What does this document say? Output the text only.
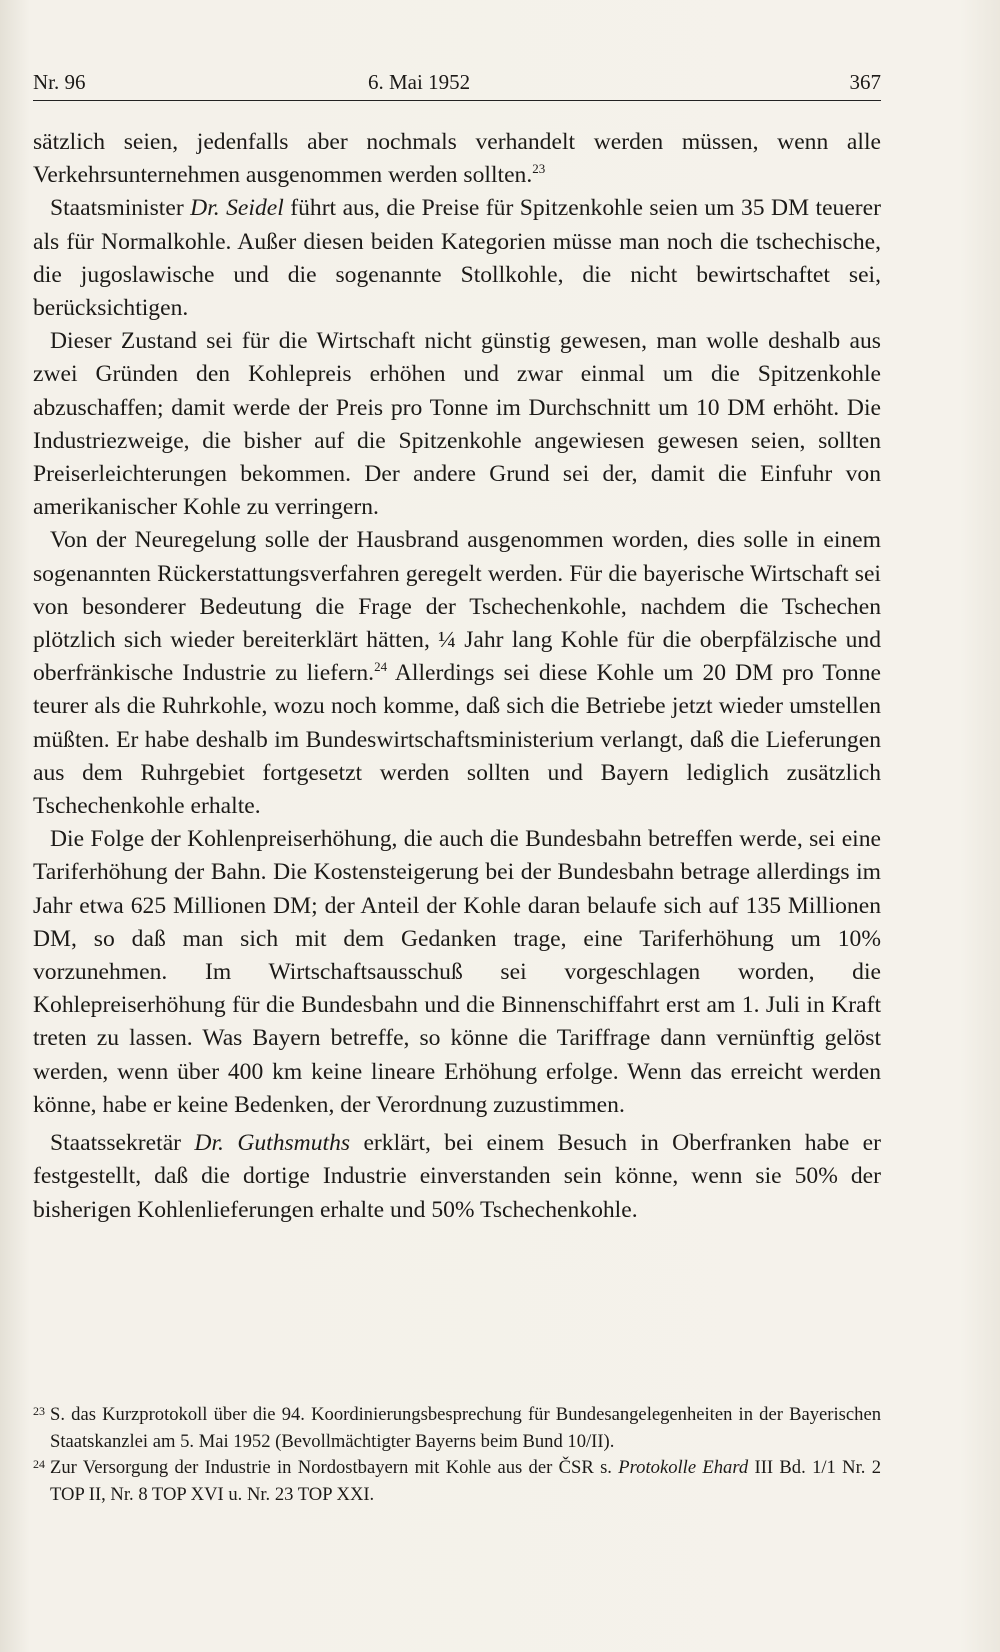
Nr. 96	6. Mai 1952	367

sätzlich seien, jedenfalls aber nochmals verhandelt werden müssen, wenn alle Verkehrsunternehmen ausgenommen werden sollten.$^{23}$

Staatsminister Dr. Seidel führt aus, die Preise für Spitzenkohle seien um 35 DM teuerer als für Normalkohle. Außer diesen beiden Kategorien müsse man noch die tschechische, die jugoslawische und die sogenannte Stollkohle, die nicht bewirtschaftet sei, berücksichtigen.

Dieser Zustand sei für die Wirtschaft nicht günstig gewesen, man wolle deshalb aus zwei Gründen den Kohlepreis erhöhen und zwar einmal um die Spitzenkohle abzuschaffen; damit werde der Preis pro Tonne im Durchschnitt um 10 DM erhöht. Die Industriezweige, die bisher auf die Spitzenkohle angewiesen gewesen seien, sollten Preiserleichterungen bekommen. Der andere Grund sei der, damit die Einfuhr von amerikanischer Kohle zu verringern.

Von der Neuregelung solle der Hausbrand ausgenommen worden, dies solle in einem sogenannten Rückerstattungsverfahren geregelt werden. Für die bayerische Wirtschaft sei von besonderer Bedeutung die Frage der Tschechenkohle, nachdem die Tschechen plötzlich sich wieder bereiterklärt hätten, ¼ Jahr lang Kohle für die oberpfälzische und oberfränkische Industrie zu liefern.$^{24}$ Allerdings sei diese Kohle um 20 DM pro Tonne teurer als die Ruhrkohle, wozu noch komme, daß sich die Betriebe jetzt wieder umstellen müßten. Er habe deshalb im Bundeswirtschaftsministerium verlangt, daß die Lieferungen aus dem Ruhrgebiet fortgesetzt werden sollten und Bayern lediglich zusätzlich Tschechenkohle erhalte.

Die Folge der Kohlenpreiserhöhung, die auch die Bundesbahn betreffen werde, sei eine Tariferhöhung der Bahn. Die Kostensteigerung bei der Bundesbahn betrage allerdings im Jahr etwa 625 Millionen DM; der Anteil der Kohle daran belaufe sich auf 135 Millionen DM, so daß man sich mit dem Gedanken trage, eine Tariferhöhung um 10% vorzunehmen. Im Wirtschaftsausschuß sei vorgeschlagen worden, die Kohlepreiserhöhung für die Bundesbahn und die Binnenschiffahrt erst am 1. Juli in Kraft treten zu lassen. Was Bayern betreffe, so könne die Tariffrage dann vernünftig gelöst werden, wenn über 400 km keine lineare Erhöhung erfolge. Wenn das erreicht werden könne, habe er keine Bedenken, der Verordnung zuzustimmen.

Staatssekretär Dr. Guthsmuths erklärt, bei einem Besuch in Oberfranken habe er festgestellt, daß die dortige Industrie einverstanden sein könne, wenn sie 50% der bisherigen Kohlenlieferungen erhalte und 50% Tschechenkohle.

23 S. das Kurzprotokoll über die 94. Koordinierungsbesprechung für Bundesangelegenheiten in der Bayerischen Staatskanzlei am 5. Mai 1952 (Bevollmächtigter Bayerns beim Bund 10/II).
24 Zur Versorgung der Industrie in Nordostbayern mit Kohle aus der ČSR s. Protokolle Ehard III Bd. 1/1 Nr. 2 TOP II, Nr. 8 TOP XVI u. Nr. 23 TOP XXI.
